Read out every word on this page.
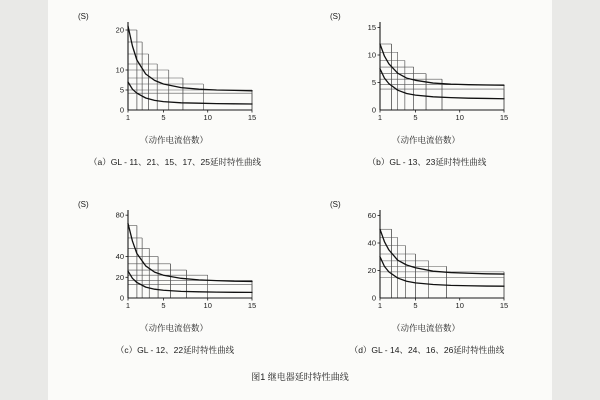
(S)
5
10
20
0
1	5	10	15
（动作电流倍数）
（a）GL - 11、21、15、17、25延时特性曲线
(S)
5
10
15
0
1	5	10	15
（动作电流倍数）
（b）GL - 13、23延时特性曲线
(S)
20
40
80
0
1	5	10	15
（动作电流倍数）
（c）GL - 12、22延时特性曲线
(S)
20
40
60
0
1	5	10	15
（动作电流倍数）
（d）GL - 14、24、16、26延时特性曲线
图1 继电器延时特性曲线
